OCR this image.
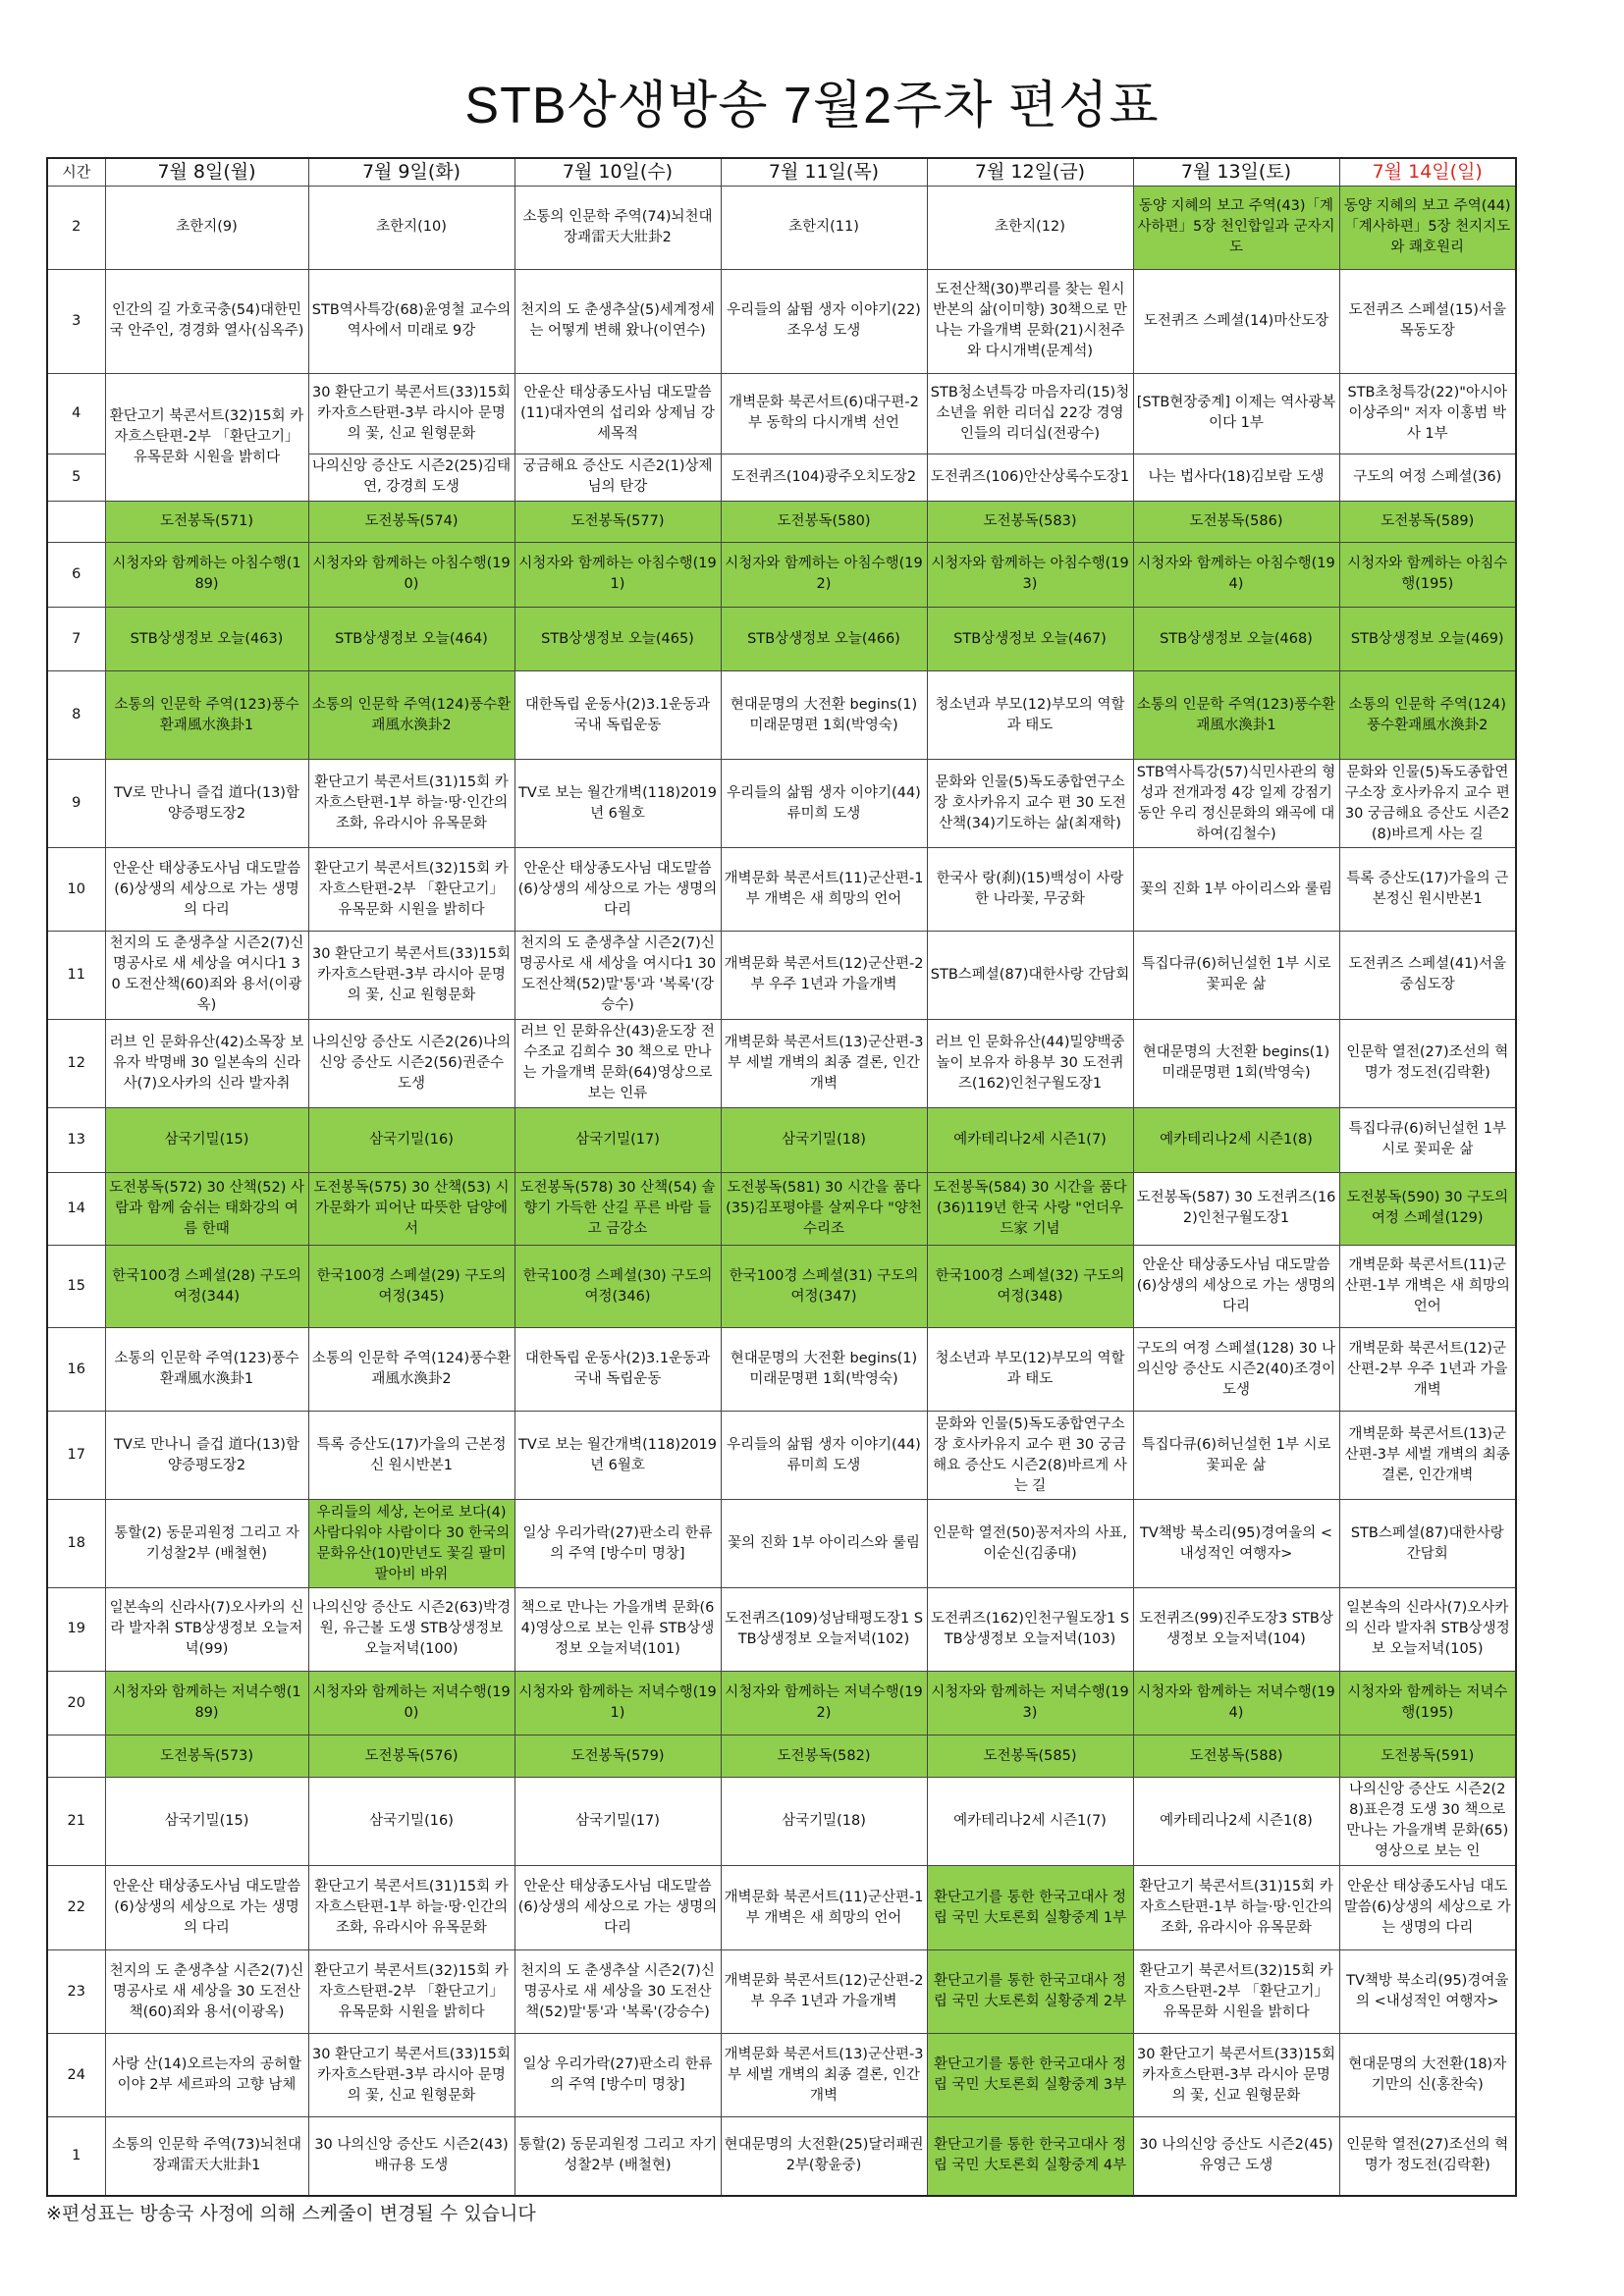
STB상생방송 7월2주차 편성표
시간	7월 8일(월)	7월 9일(화)	7월 10일(수)	7월 11일(목)	7월 12일(금)	7월 13일(토)	7월 14일(일)
2	초한지(9)	초한지(10)	소통의 인문학 주역(74)뇌천대장괘雷天大壯卦2	초한지(11)	초한지(12)	동양 지혜의 보고 주역(43)「계사하편」5장 천인합일과 군자지도	동양 지혜의 보고 주역(44)「계사하편」5장 천지지도와 쾌호원리
3	인간의 길 가호국충(54)대한민국 안주인, 경경화 열사(심옥주)	STB역사특강(68)윤영철 교수의 역사에서 미래로 9강	천지의 도 춘생추살(5)세계정세는 어떻게 변해 왔나(이연수)	우리들의 삶뜀 생자 이야기(22)조우성 도생	도전산책(30)뿌리를 찾는 원시반본의 삶(이미향) 30책으로 만나는 가을개벽 문화(21)시천주와 다시개벽(문계석)	도전퀴즈 스페셜(14)마산도장	도전퀴즈 스페셜(15)서울목동도장
4	환단고기 북콘서트(32)15회 카자흐스탄편-2부 「환단고기」 유목문화 시원을 밝히다	30 환단고기 북콘서트(33)15회 카자흐스탄편-3부 라시아 문명의 꽃, 신교 원형문화	안운산 태상종도사님 대도말씀(11)대자연의 섭리와 상제님 강세목적	개벽문화 북콘서트(6)대구편-2부 동학의 다시개벽 선언	STB청소년특강 마음자리(15)청소년을 위한 리더십 22강 경영인들의 리더십(전광수)	[STB현장중계] 이제는 역사광복이다 1부	STB초청특강(22)"아시아 이상주의" 저자 이홍범 박사 1부
5		나의신앙 증산도 시즌2(25)김태연, 강경희 도생	궁금해요 증산도 시즌2(1)상제님의 탄강	도전퀴즈(104)광주오치도장2	도전퀴즈(106)안산상록수도장1	나는 법사다(18)김보람 도생	구도의 여정 스페셜(36)
	도전봉독(571)	도전봉독(574)	도전봉독(577)	도전봉독(580)	도전봉독(583)	도전봉독(586)	도전봉독(589)
6	시청자와 함께하는 아침수행(189)	시청자와 함께하는 아침수행(190)	시청자와 함께하는 아침수행(191)	시청자와 함께하는 아침수행(192)	시청자와 함께하는 아침수행(193)	시청자와 함께하는 아침수행(194)	시청자와 함께하는 아침수행(195)
7	STB상생정보 오늘(463)	STB상생정보 오늘(464)	STB상생정보 오늘(465)	STB상생정보 오늘(466)	STB상생정보 오늘(467)	STB상생정보 오늘(468)	STB상생정보 오늘(469)
8	소통의 인문학 주역(123)풍수환괘風水渙卦1	소통의 인문학 주역(124)풍수환괘風水渙卦2	대한독립 운동사(2)3.1운동과 국내 독립운동	현대문명의 大전환 begins(1)미래문명편 1회(박영숙)	청소년과 부모(12)부모의 역할과 태도	소통의 인문학 주역(123)풍수환괘風水渙卦1	소통의 인문학 주역(124)풍수환괘風水渙卦2
9	TV로 만나니 즐겁 道다(13)함양증평도장2	환단고기 북콘서트(31)15회 카자흐스탄편-1부 하늘·땅·인간의 조화, 유라시아 유목문화	TV로 보는 월간개벽(118)2019년 6월호	우리들의 삶뜀 생자 이야기(44)류미희 도생	문화와 인물(5)독도종합연구소장 호사카유지 교수 편 30 도전산책(34)기도하는 삶(최재학)	STB역사특강(57)식민사관의 형성과 전개과정 4강 일제 강점기 동안 우리 정신문화의 왜곡에 대하여(김철수)	문화와 인물(5)독도종합연구소장 호사카유지 교수 편 30 궁금해요 증산도 시즌2(8)바르게 사는 길
10	안운산 태상종도사님 대도말씀(6)상생의 세상으로 가는 생명의 다리	환단고기 북콘서트(32)15회 카자흐스탄편-2부 「환단고기」 유목문화 시원을 밝히다	안운산 태상종도사님 대도말씀(6)상생의 세상으로 가는 생명의 다리	개벽문화 북콘서트(11)군산편-1부 개벽은 새 희망의 언어	한국사 랑(刹)(15)백성이 사랑한 나라꽃, 무궁화	꽃의 진화 1부 아이리스와 룰림	특록 증산도(17)가을의 근본정신 원시반본1
11	천지의 도 춘생추살 시즌2(7)신명공사로 새 세상을 여시다1 30 도전산책(60)죄와 용서(이광옥)	30 환단고기 북콘서트(33)15회 카자흐스탄편-3부 라시아 문명의 꽃, 신교 원형문화	천지의 도 춘생추살 시즌2(7)신명공사로 새 세상을 여시다1 30 도전산책(52)말'통'과 '복록'(강승수)	개벽문화 북콘서트(12)군산편-2부 우주 1년과 가을개벽	STB스페셜(87)대한사랑 간담회	특집다큐(6)허닌설헌 1부 시로 꽃피운 삶	도전퀴즈 스페셜(41)서울중심도장
12	러브 인 문화유산(42)소목장 보유자 박명배 30 일본속의 신라사(7)오사카의 신라 발자취	나의신앙 증산도 시즌2(26)나의신앙 증산도 시즌2(56)권준수 도생	러브 인 문화유산(43)윤도장 전수조교 김희수 30 책으로 만나는 가을개벽 문화(64)영상으로 보는 인류	개벽문화 북콘서트(13)군산편-3부 세벌 개벽의 최종 결론, 인간개벽	러브 인 문화유산(44)밀양백중놀이 보유자 하용부 30 도전퀴즈(162)인천구월도장1	현대문명의 大전환 begins(1)미래문명편 1회(박영숙)	인문학 열전(27)조선의 혁명가 정도전(김락환)
13	삼국기밀(15)	삼국기밀(16)	삼국기밀(17)	삼국기밀(18)	예카테리나2세 시즌1(7)	예카테리나2세 시즌1(8)	특집다큐(6)허닌설헌 1부 시로 꽃피운 삶
14	도전봉독(572) 30 산책(52) 사람과 함께 숨쉬는 태화강의 여름 한때	도전봉독(575) 30 산책(53) 시가문화가 피어난 따뜻한 담양에서	도전봉독(578) 30 산책(54) 솔향기 가득한 산길 푸른 바람 들고 금강소	도전봉독(581) 30 시간을 품다(35)김포평야를 살찌우다 "양천수리조	도전봉독(584) 30 시간을 품다(36)119년 한국 사랑 "언더우드家 기념	도전봉독(587) 30 도전퀴즈(162)인천구월도장1	도전봉독(590) 30 구도의 여정 스페셜(129)
15	한국100경 스페셜(28) 구도의 여정(344)	한국100경 스페셜(29) 구도의 여정(345)	한국100경 스페셜(30) 구도의 여정(346)	한국100경 스페셜(31) 구도의 여정(347)	한국100경 스페셜(32) 구도의 여정(348)	안운산 태상종도사님 대도말씀(6)상생의 세상으로 가는 생명의 다리	개벽문화 북콘서트(11)군산편-1부 개벽은 새 희망의 언어
16	소통의 인문학 주역(123)풍수환괘風水渙卦1	소통의 인문학 주역(124)풍수환괘風水渙卦2	대한독립 운동사(2)3.1운동과 국내 독립운동	현대문명의 大전환 begins(1)미래문명편 1회(박영숙)	청소년과 부모(12)부모의 역할과 태도	구도의 여정 스페셜(128) 30 나의신앙 증산도 시즌2(40)조경이 도생	개벽문화 북콘서트(12)군산편-2부 우주 1년과 가을개벽
17	TV로 만나니 즐겁 道다(13)함양증평도장2	특록 증산도(17)가을의 근본정신 원시반본1	TV로 보는 월간개벽(118)2019년 6월호	우리들의 삶뜀 생자 이야기(44)류미희 도생	문화와 인물(5)독도종합연구소장 호사카유지 교수 편 30 궁금해요 증산도 시즌2(8)바르게 사는 길	특집다큐(6)허닌설헌 1부 시로 꽃피운 삶	개벽문화 북콘서트(13)군산편-3부 세벌 개벽의 최종 결론, 인간개벽
18	통할(2) 동문괴원정 그리고 자기성찰2부 (배철현)	우리들의 세상, 논어로 보다(4)사람다워야 사람이다 30 한국의 문화유산(10)만년도 꽃길 팔미 팔아비 바위	일상 우리가락(27)판소리 한류의 주역 [방수미 명창]	꽃의 진화 1부 아이리스와 룰림	인문학 열전(50)꽁저자의 사표, 이순신(김종대)	TV책방 북소리(95)경여울의 <내성적인 여행자>	STB스페셜(87)대한사랑 간담회
19	일본속의 신라사(7)오사카의 신라 발자취 STB상생정보 오늘저녁(99)	나의신앙 증산도 시즌2(63)박경원, 유근볼 도생 STB상생정보 오늘저녁(100)	책으로 만나는 가을개벽 문화(64)영상으로 보는 인류 STB상생정보 오늘저녁(101)	도전퀴즈(109)성남태평도장1 STB상생정보 오늘저녁(102)	도전퀴즈(162)인천구월도장1 STB상생정보 오늘저녁(103)	도전퀴즈(99)진주도장3 STB상생정보 오늘저녁(104)	일본속의 신라사(7)오사카의 신라 발자취 STB상생정보 오늘저녁(105)
20	시청자와 함께하는 저녁수행(189)	시청자와 함께하는 저녁수행(190)	시청자와 함께하는 저녁수행(191)	시청자와 함께하는 저녁수행(192)	시청자와 함께하는 저녁수행(193)	시청자와 함께하는 저녁수행(194)	시청자와 함께하는 저녁수행(195)
	도전봉독(573)	도전봉독(576)	도전봉독(579)	도전봉독(582)	도전봉독(585)	도전봉독(588)	도전봉독(591)
21	삼국기밀(15)	삼국기밀(16)	삼국기밀(17)	삼국기밀(18)	예카테리나2세 시즌1(7)	예카테리나2세 시즌1(8)	나의신앙 증산도 시즌2(28)표은경 도생 30 책으로 만나는 가을개벽 문화(65)영상으로 보는 인
22	안운산 태상종도사님 대도말씀(6)상생의 세상으로 가는 생명의 다리	환단고기 북콘서트(31)15회 카자흐스탄편-1부 하늘·땅·인간의 조화, 유라시아 유목문화	안운산 태상종도사님 대도말씀(6)상생의 세상으로 가는 생명의 다리	개벽문화 북콘서트(11)군산편-1부 개벽은 새 희망의 언어	환단고기를 통한 한국고대사 정립 국민 大토론회 실황중계 1부	환단고기 북콘서트(31)15회 카자흐스탄편-1부 하늘·땅·인간의 조화, 유라시아 유목문화	안운산 태상종도사님 대도말씀(6)상생의 세상으로 가는 생명의 다리
23	천지의 도 춘생추살 시즌2(7)신명공사로 새 세상을 30 도전산책(60)죄와 용서(이광옥)	환단고기 북콘서트(32)15회 카자흐스탄편-2부 「환단고기」 유목문화 시원을 밝히다	천지의 도 춘생추살 시즌2(7)신명공사로 새 세상을 30 도전산책(52)말'통'과 '복록'(강승수)	개벽문화 북콘서트(12)군산편-2부 우주 1년과 가을개벽	환단고기를 통한 한국고대사 정립 국민 大토론회 실황중계 2부	환단고기 북콘서트(32)15회 카자흐스탄편-2부 「환단고기」 유목문화 시원을 밝히다	TV책방 북소리(95)경여울의 <내성적인 여행자>
24	사랑 산(14)오르는자의 공허할이야 2부 세르파의 고향 남체	30 환단고기 북콘서트(33)15회 카자흐스탄편-3부 라시아 문명의 꽃, 신교 원형문화	일상 우리가락(27)판소리 한류의 주역 [방수미 명창]	개벽문화 북콘서트(13)군산편-3부 세벌 개벽의 최종 결론, 인간개벽	환단고기를 통한 한국고대사 정립 국민 大토론회 실황중계 3부	30 환단고기 북콘서트(33)15회 카자흐스탄편-3부 라시아 문명의 꽃, 신교 원형문화	현대문명의 大전환(18)자기만의 신(홍찬숙)
1	소통의 인문학 주역(73)뇌천대장괘雷天大壯卦1	30 나의신앙 증산도 시즌2(43)배규용 도생	통할(2) 동문괴원정 그리고 자기성찰2부 (배철현)	현대문명의 大전환(25)달러패권 2부(황윤중)	환단고기를 통한 한국고대사 정립 국민 大토론회 실황중계 4부	30 나의신앙 증산도 시즌2(45)유영근 도생	인문학 열전(27)조선의 혁명가 정도전(김락환)
※편성표는 방송국 사정에 의해 스케줄이 변경될 수 있습니다
